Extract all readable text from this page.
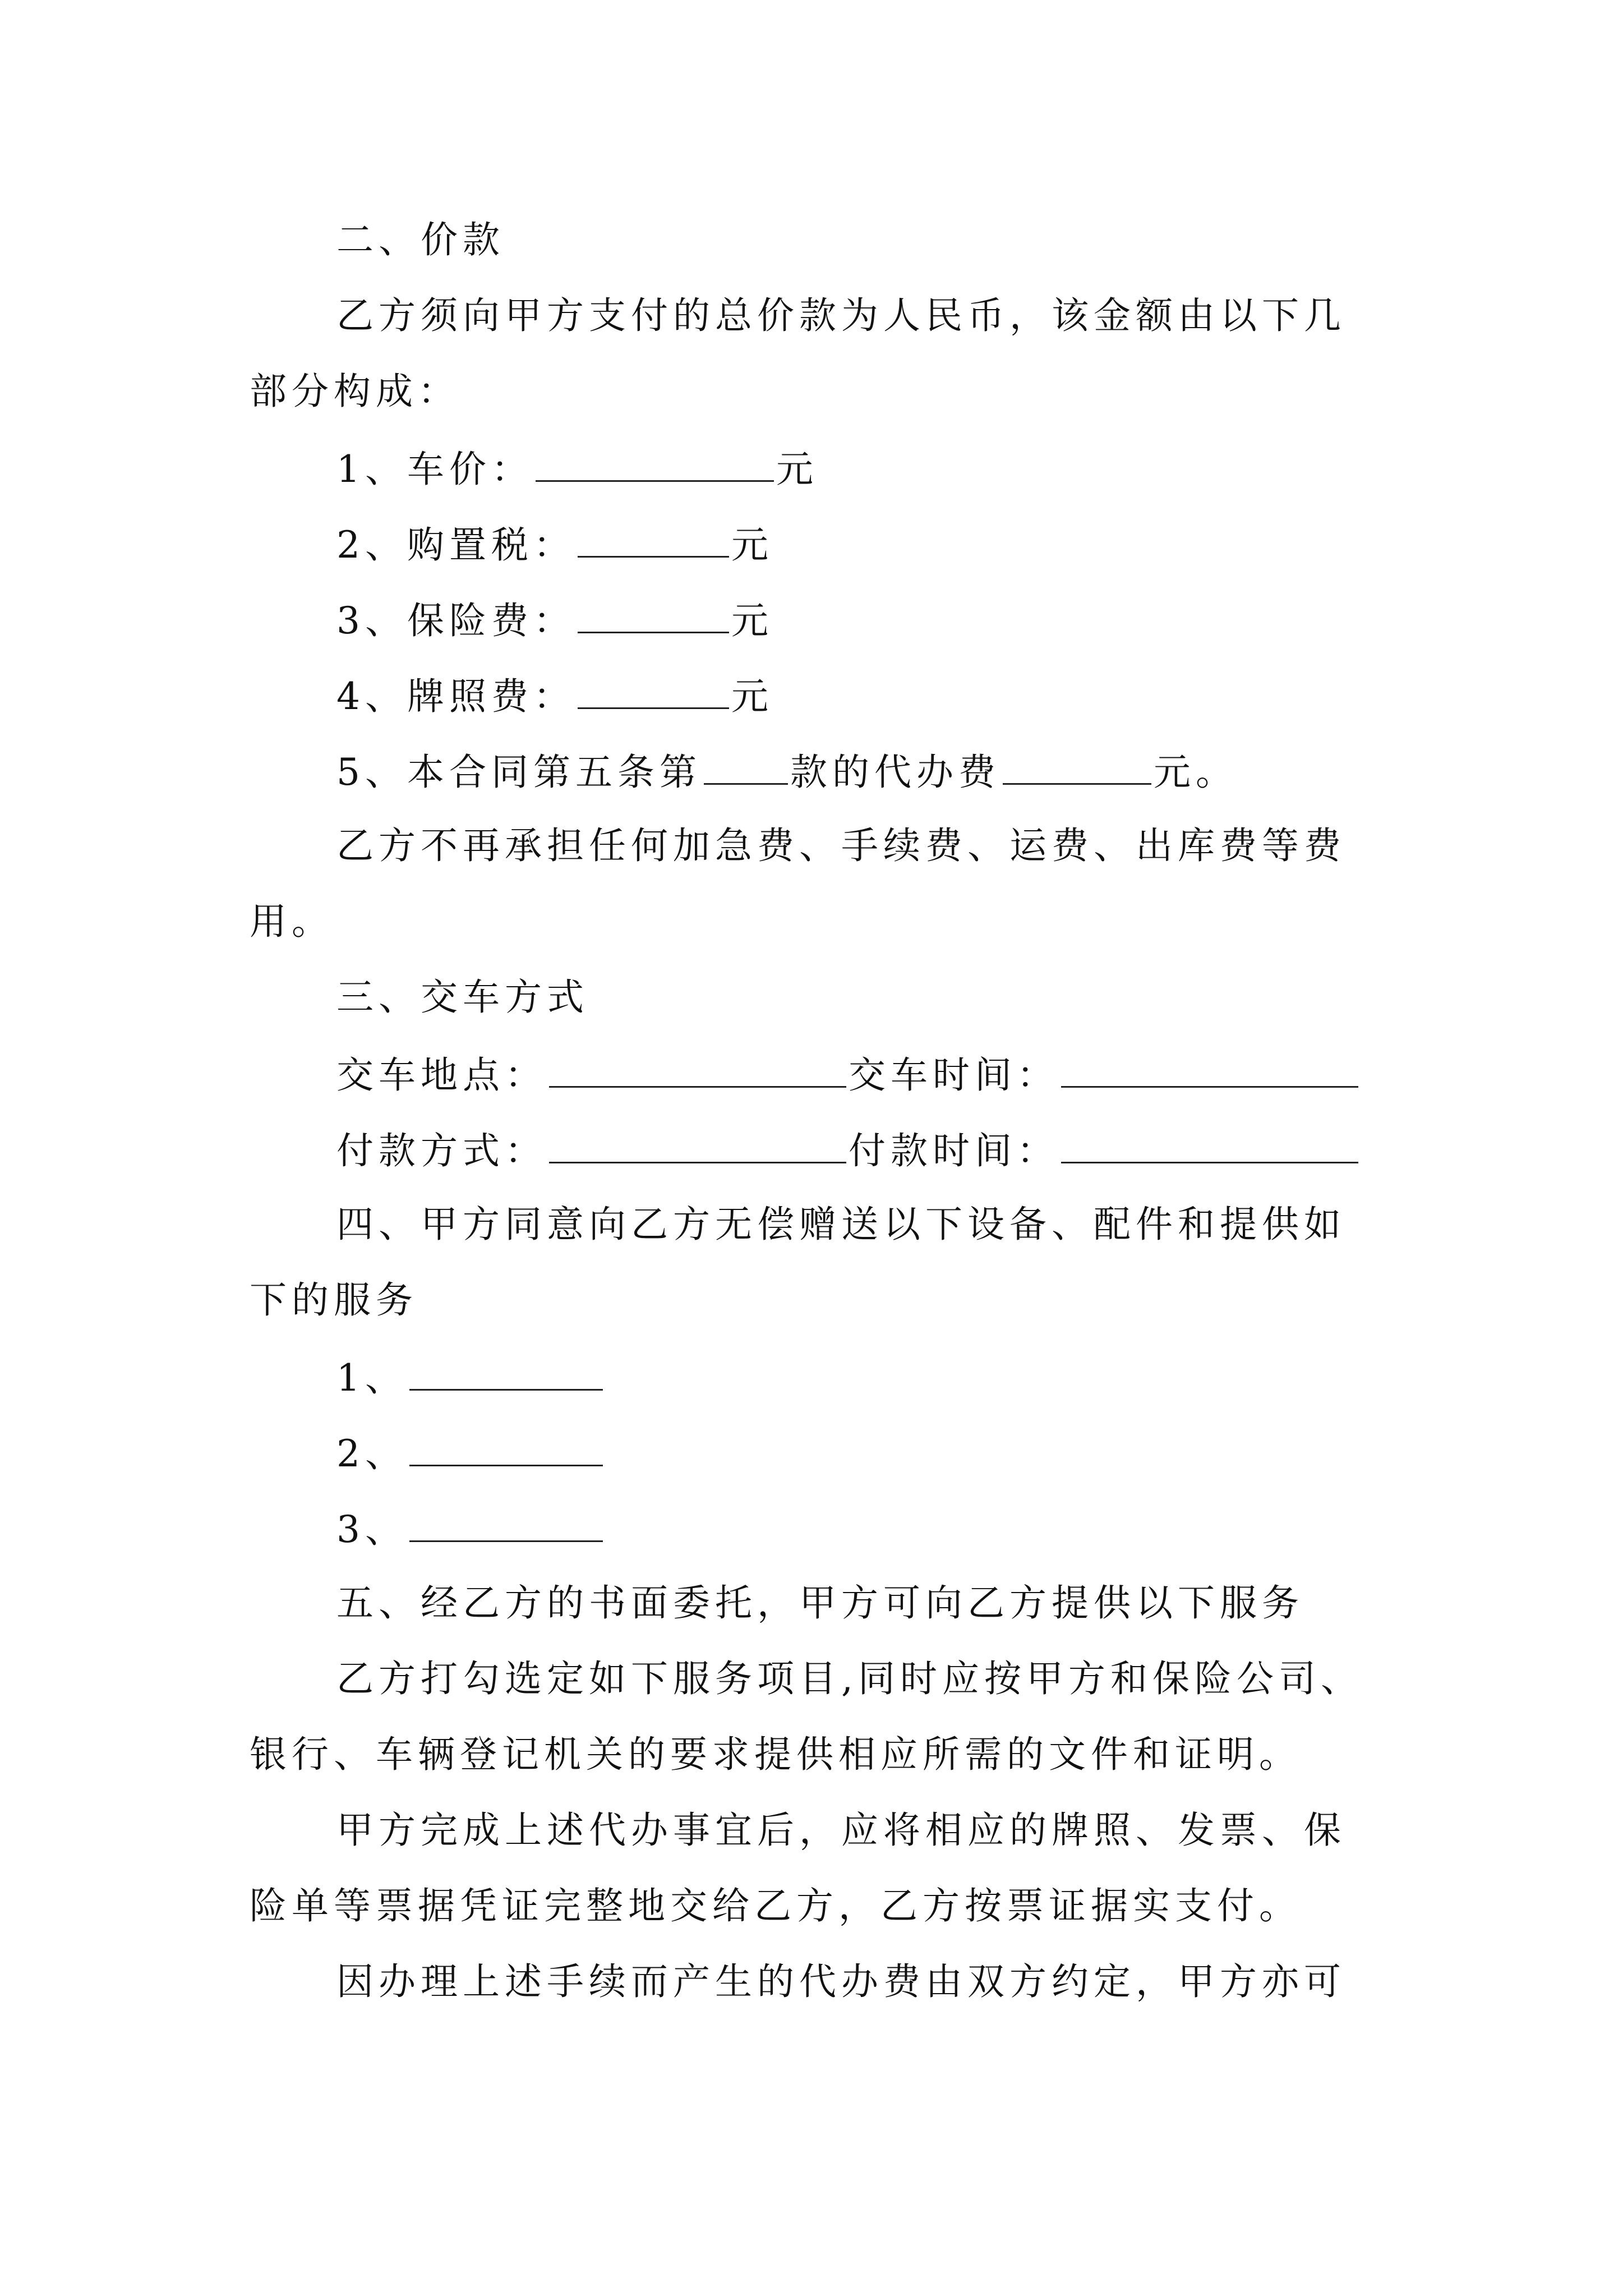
二、价款
乙方须向甲方支付的总价款为人民币，该金额由以下几
部分构成：
1、车价：	元
2、购置税：	元
3、保险费：	元
4、牌照费：	元
5、本合同第五条第 款的代办费	元。
乙方不再承担任何加急费、手续费、运费、出库费等费
用。
三、交车方式
交车地点：	交车时间：
付款方式：	付款时间：
四、甲方同意向乙方无偿赠送以下设备、配件和提供如
下的服务
1、
2、
3、
五、经乙方的书面委托，甲方可向乙方提供以下服务
乙方打勾选定如下服务项目,同时应按甲方和保险公司、
银行、车辆登记机关的要求提供相应所需的文件和证明。
甲方完成上述代办事宜后，应将相应的牌照、发票、保
险单等票据凭证完整地交给乙方，乙方按票证据实支付。
因办理上述手续而产生的代办费由双方约定，甲方亦可
